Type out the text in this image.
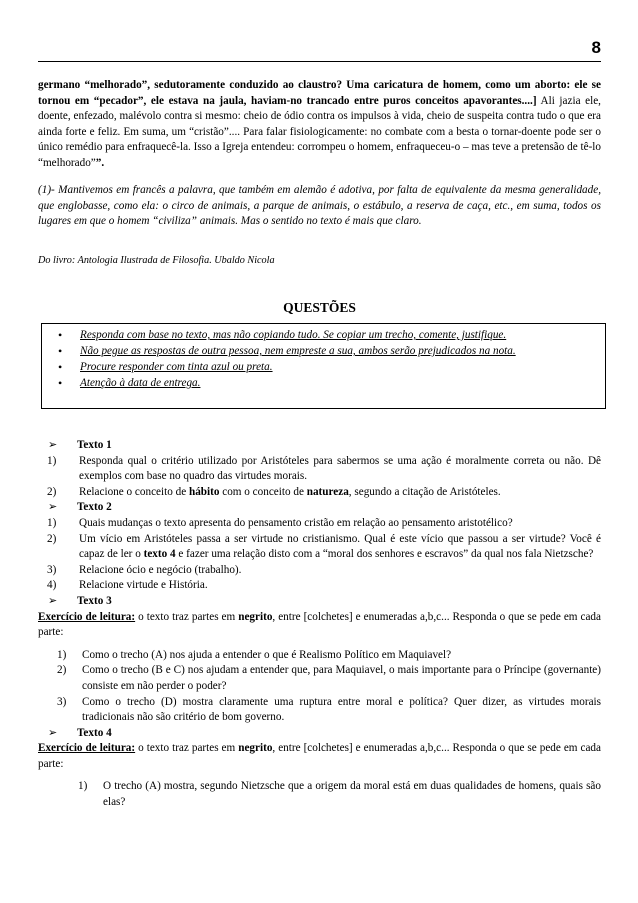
8
germano “melhorado”, sedutoramente conduzido ao claustro? Uma caricatura de homem, como um aborto: ele se tornou em “pecador”, ele estava na jaula, haviam-no trancado entre puros conceitos apavorantes....] Ali jazia ele, doente, enfezado, malévolo contra si mesmo: cheio de ódio contra os impulsos à vida, cheio de suspeita contra tudo o que era ainda forte e feliz. Em suma, um “cristão”.... Para falar fisiologicamente: no combate com a besta o tornar-doente pode ser o único remédio para enfraquecê-la. Isso a Igreja entendeu: corrompeu o homem, enfraqueceu-o – mas teve a pretensão de tê-lo “melhorado””.
(1)- Mantivemos em francês a palavra, que também em alemão é adotiva, por falta de equivalente da mesma generalidade, que englobasse, como ela: o circo de animais, a parque de animais, o estábulo, a reserva de caça, etc., em suma, todos os lugares em que o homem “civiliza” animais. Mas o sentido no texto é mais que claro.
Do livro: Antologia Ilustrada de Filosofia. Ubaldo Nicola
QUESTÕES
• Responda com base no texto, mas não copiando tudo. Se copiar um trecho, comente, justifique.
• Não pegue as respostas de outra pessoa, nem empreste a sua, ambos serão prejudicados na nota.
• Procure responder com tinta azul ou preta.
• Atenção à data de entrega.
➢ Texto 1
1) Responda qual o critério utilizado por Aristóteles para sabermos se uma ação é moralmente correta ou não. Dê exemplos com base no quadro das virtudes morais.
2) Relacione o conceito de hábito com o conceito de natureza, segundo a citação de Aristóteles.
➢ Texto 2
1) Quais mudanças o texto apresenta do pensamento cristão em relação ao pensamento aristotélico?
2) Um vício em Aristóteles passa a ser virtude no cristianismo. Qual é este vício que passou a ser virtude? Você é capaz de ler o texto 4 e fazer uma relação disto com a “moral dos senhores e escravos” da qual nos fala Nietzsche?
3) Relacione ócio e negócio (trabalho).
4) Relacione virtude e História.
➢ Texto 3
Exercício de leitura: o texto traz partes em negrito, entre [colchetes] e enumeradas a,b,c... Responda o que se pede em cada parte:
1) Como o trecho (A) nos ajuda a entender o que é Realismo Político em Maquiavel?
2) Como o trecho (B e C) nos ajudam a entender que, para Maquiavel, o mais importante para o Príncipe (governante) consiste em não perder o poder?
3) Como o trecho (D) mostra claramente uma ruptura entre moral e política? Quer dizer, as virtudes morais tradicionais não são critério de bom governo.
➢ Texto 4
Exercício de leitura: o texto traz partes em negrito, entre [colchetes] e enumeradas a,b,c... Responda o que se pede em cada parte:
1) O trecho (A) mostra, segundo Nietzsche que a origem da moral está em duas qualidades de homens, quais são elas?
